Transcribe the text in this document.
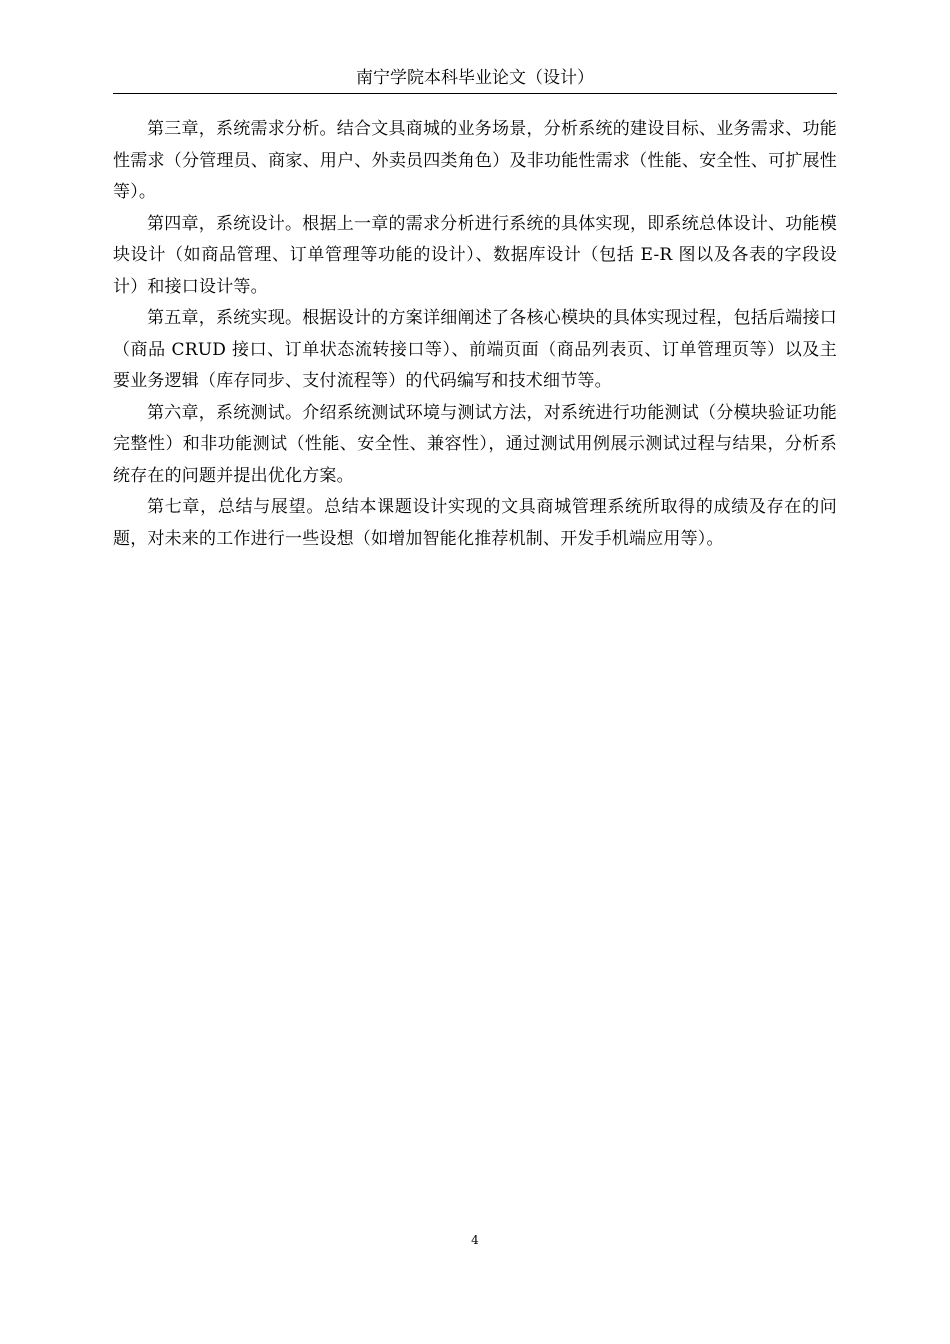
南宁学院本科毕业论文（设计）

第三章，系统需求分析。结合文具商城的业务场景，分析系统的建设目标、业务需求、功能性需求（分管理员、商家、用户、外卖员四类角色）及非功能性需求（性能、安全性、可扩展性等）。

第四章，系统设计。根据上一章的需求分析进行系统的具体实现，即系统总体设计、功能模块设计（如商品管理、订单管理等功能的设计）、数据库设计（包括 E-R 图以及各表的字段设计）和接口设计等。

第五章，系统实现。根据设计的方案详细阐述了各核心模块的具体实现过程，包括后端接口（商品 CRUD 接口、订单状态流转接口等）、前端页面（商品列表页、订单管理页等）以及主要业务逻辑（库存同步、支付流程等）的代码编写和技术细节等。

第六章，系统测试。介绍系统测试环境与测试方法，对系统进行功能测试（分模块验证功能完整性）和非功能测试（性能、安全性、兼容性），通过测试用例展示测试过程与结果，分析系统存在的问题并提出优化方案。

第七章，总结与展望。总结本课题设计实现的文具商城管理系统所取得的成绩及存在的问题，对未来的工作进行一些设想（如增加智能化推荐机制、开发手机端应用等）。

4
